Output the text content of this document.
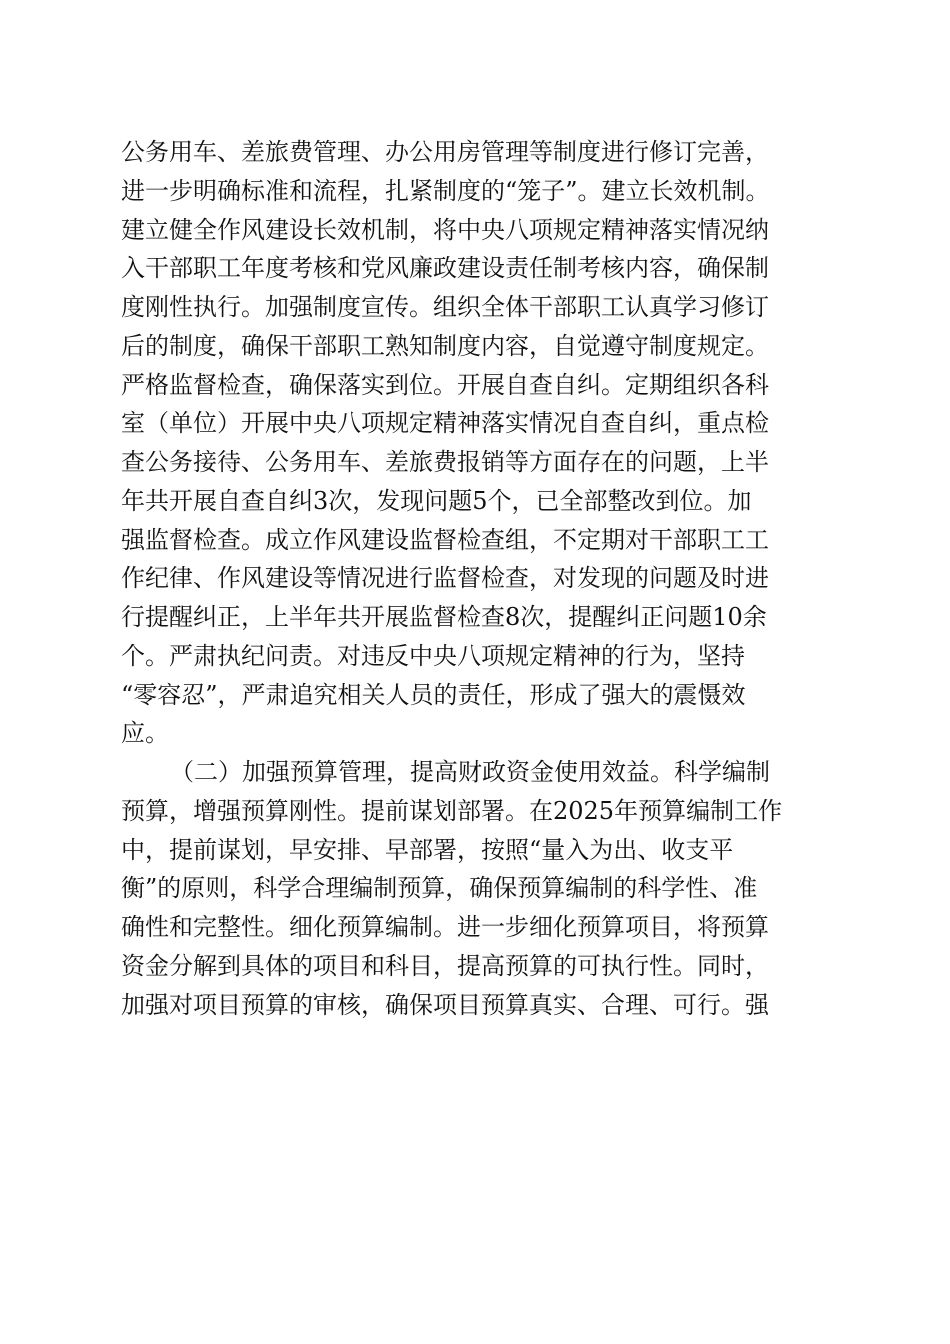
公务用车、差旅费管理、办公用房管理等制度进行修订完善，
进一步明确标准和流程，扎紧制度的“笼子”。建立长效机制。
建立健全作风建设长效机制，将中央八项规定精神落实情况纳
入干部职工年度考核和党风廉政建设责任制考核内容，确保制
度刚性执行。加强制度宣传。组织全体干部职工认真学习修订
后的制度，确保干部职工熟知制度内容，自觉遵守制度规定。
严格监督检查，确保落实到位。开展自查自纠。定期组织各科
室（单位）开展中央八项规定精神落实情况自查自纠，重点检
查公务接待、公务用车、差旅费报销等方面存在的问题，上半
年共开展自查自纠3次，发现问题5个，已全部整改到位。加
强监督检查。成立作风建设监督检查组，不定期对干部职工工
作纪律、作风建设等情况进行监督检查，对发现的问题及时进
行提醒纠正，上半年共开展监督检查8次，提醒纠正问题10余
个。严肃执纪问责。对违反中央八项规定精神的行为，坚持
“零容忍”，严肃追究相关人员的责任，形成了强大的震慑效
应。
（二）加强预算管理，提高财政资金使用效益。科学编制
预算，增强预算刚性。提前谋划部署。在2025年预算编制工作
中，提前谋划，早安排、早部署，按照“量入为出、收支平
衡”的原则，科学合理编制预算，确保预算编制的科学性、准
确性和完整性。细化预算编制。进一步细化预算项目，将预算
资金分解到具体的项目和科目，提高预算的可执行性。同时，
加强对项目预算的审核，确保项目预算真实、合理、可行。强
